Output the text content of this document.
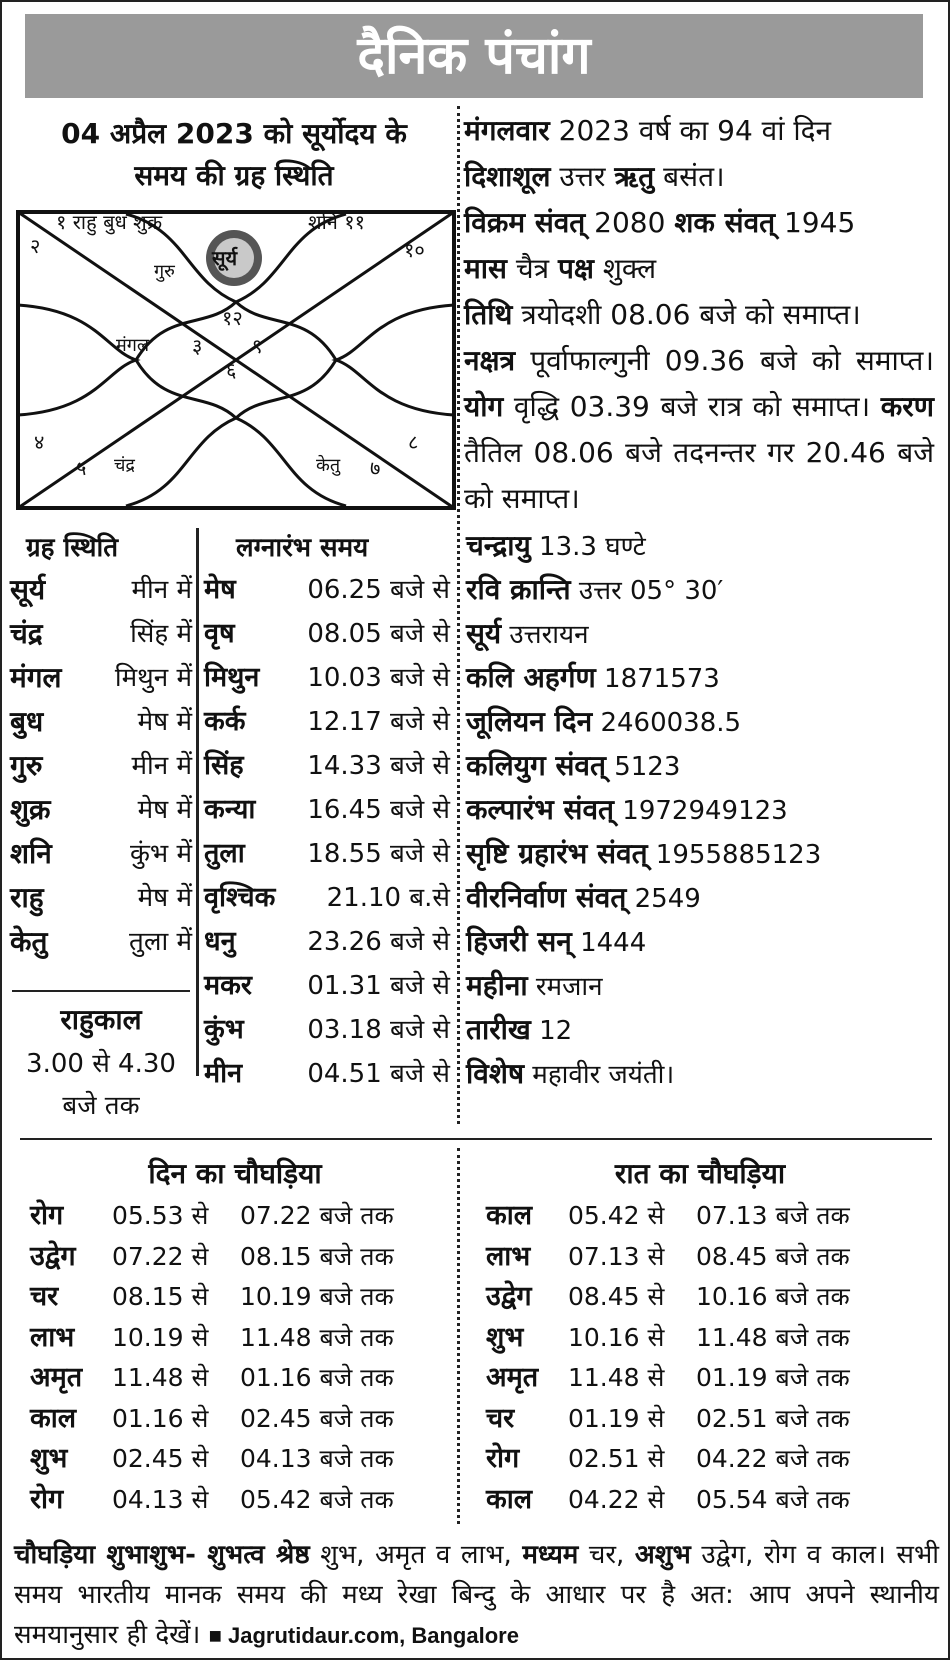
दैनिक पंचांग
04 अप्रैल 2023 को सूर्योदय के
समय की ग्रह स्थिति
१ राहु बुध शुक्र	शनि ११
२	१०
गुरु
सूर्य
१२
मंगल ३ ९
६
४
५ चंद्र	केतु ७
८
मंगलवार 2023 वर्ष का 94 वां दिन
दिशाशूल उत्तर ऋतु बसंत।
विक्रम संवत् 2080 शक संवत् 1945
मास चैत्र पक्ष शुक्ल
तिथि त्रयोदशी 08.06 बजे को समाप्त।
नक्षत्र पूर्वाफाल्गुनी 09.36 बजे को समाप्त। योग वृद्धि 03.39 बजे रात्र को समाप्त। करण तैतिल 08.06 बजे तदनन्तर गर 20.46 बजे को समाप्त।
ग्रह स्थिति	लग्नारंभ समय
सूर्य	मीन में
चंद्र	सिंह में
मंगल	मिथुन में
बुध	मेष में
गुरु	मीन में
शुक्र	मेष में
शनि	कुंभ में
राहु	मेष में
केतु	तुला में
मेष	06.25 बजे से
वृष	08.05 बजे से
मिथुन	10.03 बजे से
कर्क	12.17 बजे से
सिंह	14.33 बजे से
कन्या	16.45 बजे से
तुला	18.55 बजे से
वृश्चिक	21.10 ब.से
धनु	23.26 बजे से
मकर	01.31 बजे से
कुंभ	03.18 बजे से
मीन	04.51 बजे से
राहुकाल
3.00 से 4.30
बजे तक
चन्द्रायु 13.3 घण्टे
रवि क्रान्ति उत्तर 05° 30′
सूर्य उत्तरायन
कलि अहर्गण 1871573
जूलियन दिन 2460038.5
कलियुग संवत् 5123
कल्पारंभ संवत् 1972949123
सृष्टि ग्रहारंभ संवत् 1955885123
वीरनिर्वाण संवत् 2549
हिजरी सन् 1444
महीना रमजान
तारीख 12
विशेष महावीर जयंती।
दिन का चौघड़िया	रात का चौघड़िया
रोग 05.53 से 07.22 बजे तक
उद्वेग 07.22 से 08.15 बजे तक
चर 08.15 से 10.19 बजे तक
लाभ 10.19 से 11.48 बजे तक
अमृत 11.48 से 01.16 बजे तक
काल 01.16 से 02.45 बजे तक
शुभ 02.45 से 04.13 बजे तक
रोग 04.13 से 05.42 बजे तक
काल 05.42 से 07.13 बजे तक
लाभ 07.13 से 08.45 बजे तक
उद्वेग 08.45 से 10.16 बजे तक
शुभ 10.16 से 11.48 बजे तक
अमृत 11.48 से 01.19 बजे तक
चर 01.19 से 02.51 बजे तक
रोग 02.51 से 04.22 बजे तक
काल 04.22 से 05.54 बजे तक
चौघड़िया शुभाशुभ- शुभत्व श्रेष्ठ शुभ, अमृत व लाभ, मध्यम चर, अशुभ उद्वेग, रोग व काल। सभी समय भारतीय मानक समय की मध्य रेखा बिन्दु के आधार पर है अत: आप अपने स्थानीय समयानुसार ही देखें। ■ Jagrutidaur.com, Bangalore
